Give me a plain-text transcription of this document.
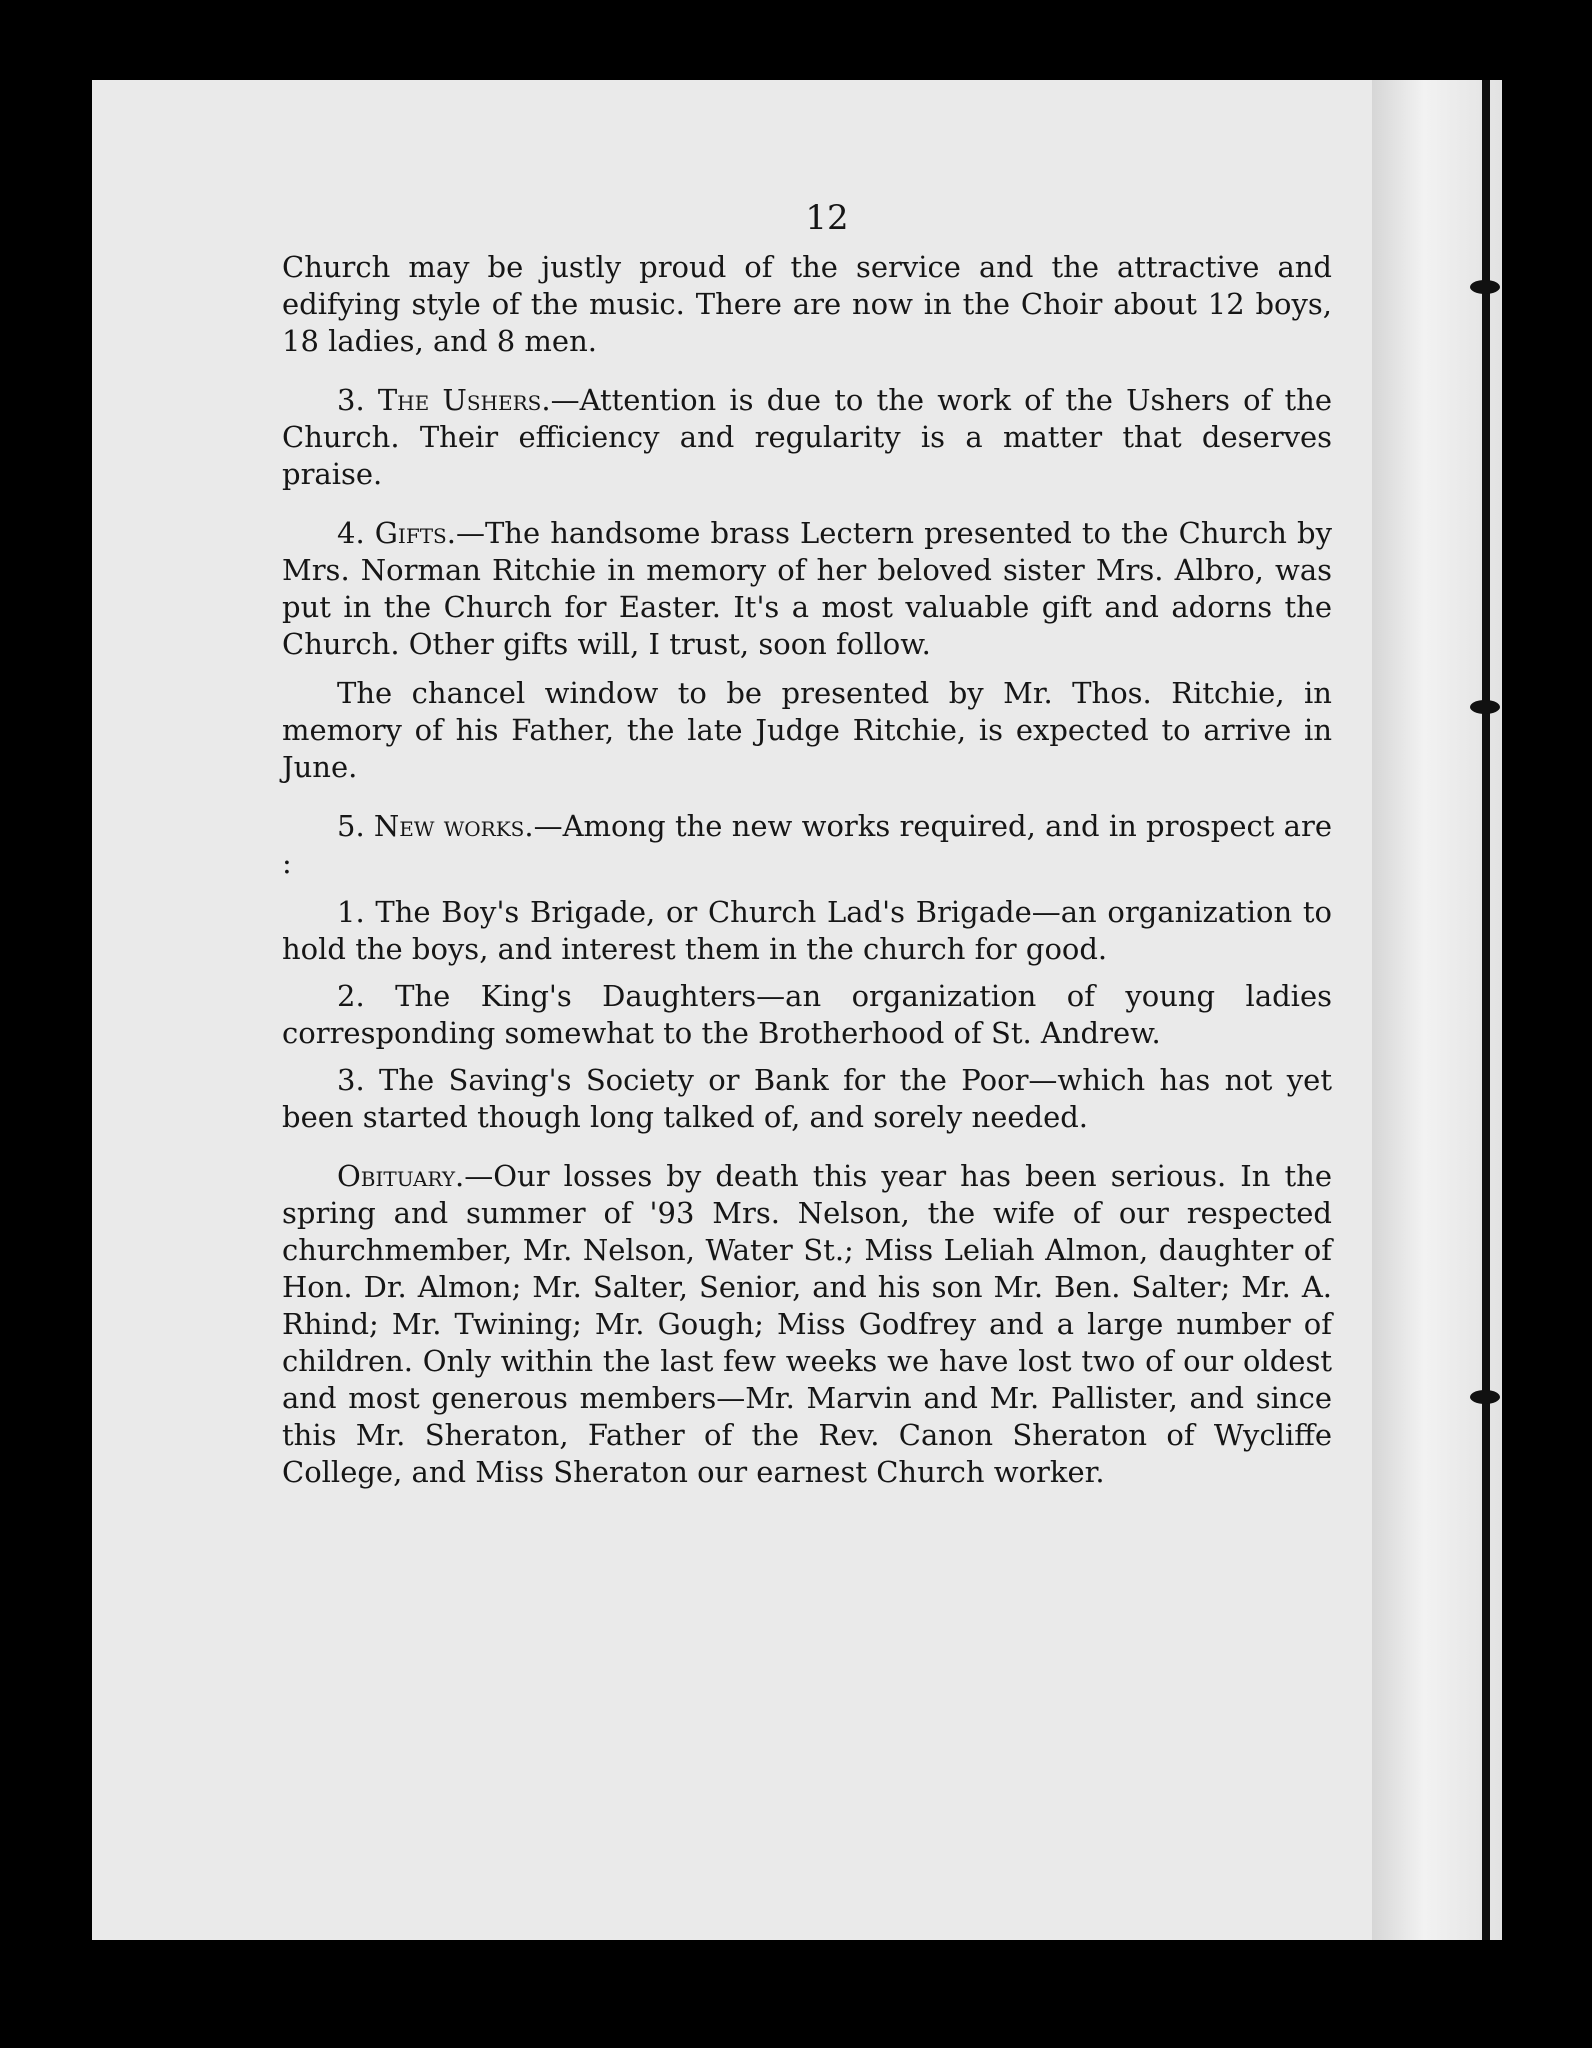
12

Church may be justly proud of the service and the attractive and edifying style of the music. There are now in the Choir about 12 boys, 18 ladies, and 8 men.

3. The Ushers.—Attention is due to the work of the Ushers of the Church. Their efficiency and regularity is a matter that deserves praise.

4. Gifts.—The handsome brass Lectern presented to the Church by Mrs. Norman Ritchie in memory of her beloved sister Mrs. Albro, was put in the Church for Easter. It's a most valuable gift and adorns the Church. Other gifts will, I trust, soon follow.

The chancel window to be presented by Mr. Thos. Ritchie, in memory of his Father, the late Judge Ritchie, is expected to arrive in June.

5. New works.—Among the new works required, and in prospect are :

1. The Boy's Brigade, or Church Lad's Brigade—an organization to hold the boys, and interest them in the church for good.

2. The King's Daughters—an organization of young ladies corresponding somewhat to the Brotherhood of St. Andrew.

3. The Saving's Society or Bank for the Poor—which has not yet been started though long talked of, and sorely needed.

Obituary.—Our losses by death this year has been serious. In the spring and summer of '93 Mrs. Nelson, the wife of our respected churchmember, Mr. Nelson, Water St.; Miss Leliah Almon, daughter of Hon. Dr. Almon; Mr. Salter, Senior, and his son Mr. Ben. Salter; Mr. A. Rhind; Mr. Twining; Mr. Gough; Miss Godfrey and a large number of children. Only within the last few weeks we have lost two of our oldest and most generous members—Mr. Marvin and Mr. Pallister, and since this Mr. Sheraton, Father of the Rev. Canon Sheraton of Wycliffe College, and Miss Sheraton our earnest Church worker.
